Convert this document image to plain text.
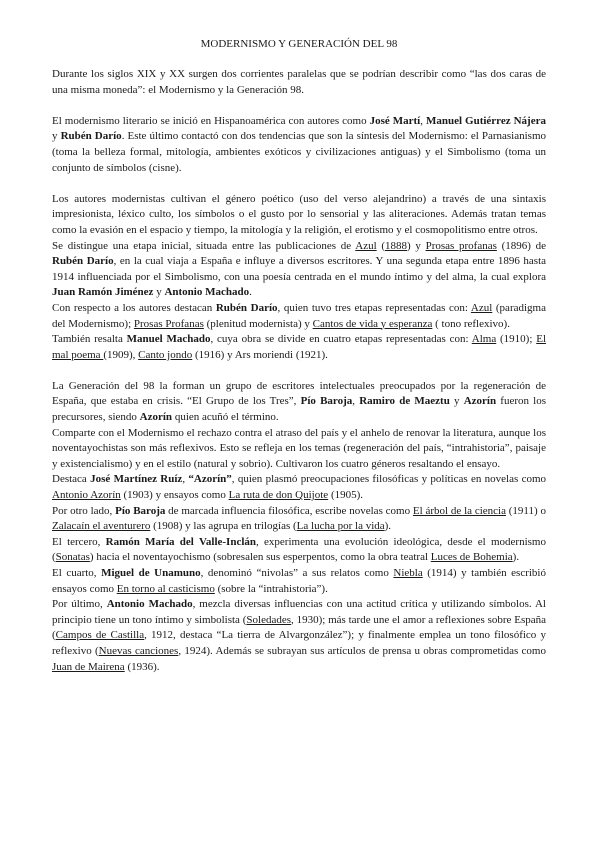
MODERNISMO Y GENERACIÓN DEL 98

Durante los siglos XIX y XX surgen dos corrientes paralelas que se podrían describir como “las dos caras de una misma moneda”: el Modernismo y la Generación 98.

El modernismo literario se inició en Hispanoamérica con autores como José Martí, Manuel Gutiérrez Nájera y Rubén Darío. Este último contactó con dos tendencias que son la síntesis del Modernismo: el Parnasianismo (toma la belleza formal, mitología, ambientes exóticos y civilizaciones antiguas) y el Simbolismo (toma un conjunto de símbolos (cisne).

Los autores modernistas cultivan el género poético (uso del verso alejandrino) a través de una sintaxis impresionista, léxico culto, los símbolos o el gusto por lo sensorial y las aliteraciones. Además tratan temas como la evasión en el espacio y tiempo, la mitología y la religión, el erotismo y el cosmopolitismo entre otros.

Se distingue una etapa inicial, situada entre las publicaciones de Azul (1888) y Prosas profanas (1896) de Rubén Darío, en la cual viaja a España e influye a diversos escritores. Y una segunda etapa entre 1896 hasta 1914 influenciada por el Simbolismo, con una poesía centrada en el mundo íntimo y del alma, la cual explora Juan Ramón Jiménez y Antonio Machado.

Con respecto a los autores destacan Rubén Darío, quien tuvo tres etapas representadas con: Azul (paradigma del Modernismo); Prosas Profanas (plenitud modernista) y Cantos de vida y esperanza ( tono reflexivo).

También resalta Manuel Machado, cuya obra se divide en cuatro etapas representadas con: Alma (1910); El mal poema (1909), Canto jondo (1916) y Ars moriendi (1921).

La Generación del 98 la forman un grupo de escritores intelectuales preocupados por la regeneración de España, que estaba en crisis. “El Grupo de los Tres”, Pío Baroja, Ramiro de Maeztu y Azorín fueron los precursores, siendo Azorín quien acuñó el término.

Comparte con el Modernismo el rechazo contra el atraso del país y el anhelo de renovar la literatura, aunque los noventayochistas son más reflexivos. Esto se refleja en los temas (regeneración del país, “intrahistoria”, paisaje y existencialismo) y en el estilo (natural y sobrio). Cultivaron los cuatro géneros resaltando el ensayo.

Destaca José Martínez Ruíz, “Azorín”, quien plasmó preocupaciones filosóficas y políticas en novelas como Antonio Azorín (1903) y ensayos como La ruta de don Quijote (1905).

Por otro lado, Pío Baroja de marcada influencia filosófica, escribe novelas como El árbol de la ciencia (1911) o Zalacaín el aventurero (1908) y las agrupa en trilogías (La lucha por la vida).

El tercero, Ramón María del Valle-Inclán, experimenta una evolución ideológica, desde el modernismo (Sonatas) hacia el noventayochismo (sobresalen sus esperpentos, como la obra teatral Luces de Bohemia).

El cuarto, Miguel de Unamuno, denominó “nivolas” a sus relatos como Niebla (1914) y también escribió ensayos como En torno al casticismo (sobre la “intrahistoria”).

Por último, Antonio Machado, mezcla diversas influencias con una actitud crítica y utilizando símbolos. Al principio tiene un tono íntimo y simbolista (Soledades, 1930); más tarde une el amor a reflexiones sobre España (Campos de Castilla, 1912, destaca “La tierra de Alvargonzález”); y finalmente emplea un tono filosófico y reflexivo (Nuevas canciones, 1924). Además se subrayan sus artículos de prensa u obras comprometidas como Juan de Mairena (1936).
